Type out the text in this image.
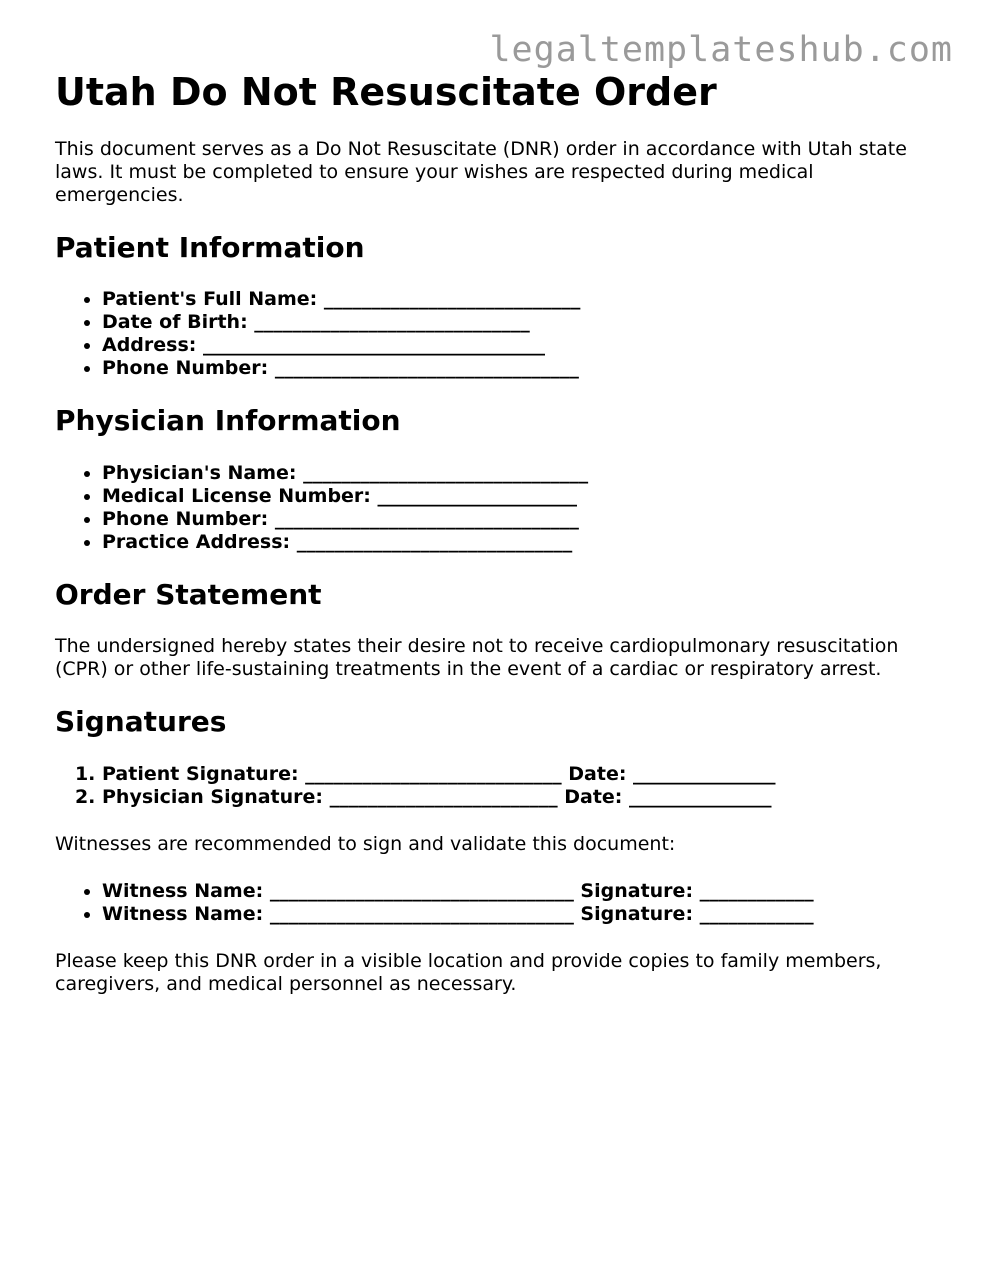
legaltemplateshub.com
Utah Do Not Resuscitate Order

This document serves as a Do Not Resuscitate (DNR) order in accordance with Utah state laws. It must be completed to ensure your wishes are respected during medical emergencies.

Patient Information
• Patient's Full Name: ___________________________
• Date of Birth: _____________________________
• Address: ____________________________________
• Phone Number: ________________________________
Physician Information
• Physician's Name: ______________________________
• Medical License Number: _____________________
• Phone Number: ________________________________
• Practice Address: _____________________________
Order Statement

The undersigned hereby states their desire not to receive cardiopulmonary resuscitation (CPR) or other life-sustaining treatments in the event of a cardiac or respiratory arrest.

Signatures
1. Patient Signature: ___________________________ Date: _______________
2. Physician Signature: ________________________ Date: _______________

Witnesses are recommended to sign and validate this document:

• Witness Name: ________________________________ Signature: ____________
• Witness Name: ________________________________ Signature: ____________

Please keep this DNR order in a visible location and provide copies to family members, caregivers, and medical personnel as necessary.
